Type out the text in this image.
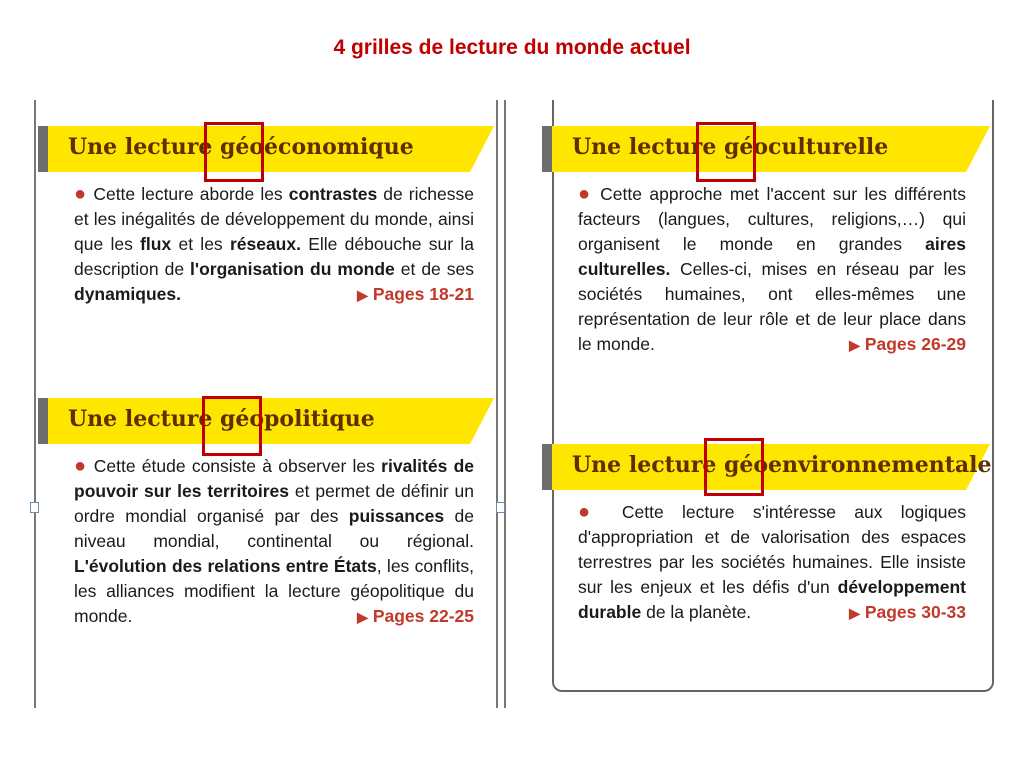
4 grilles de lecture du monde actuel
Une lecture géoéconomique
● Cette lecture aborde les contrastes de richesse et les inégalités de développement du monde, ainsi que les flux et les réseaux. Elle débouche sur la description de l'organisation du monde et de ses dynamiques.	▶ Pages 18-21
Une lecture géopolitique
● Cette étude consiste à observer les rivalités de pouvoir sur les territoires et permet de définir un ordre mondial organisé par des puissances de niveau mondial, continental ou régional. L'évolution des relations entre États, les conflits, les alliances modifient la lecture géopolitique du monde.	▶ Pages 22-25
Une lecture géoculturelle
● Cette approche met l'accent sur les différents facteurs (langues, cultures, religions,…) qui organisent le monde en grandes aires culturelles. Celles-ci, mises en réseau par les sociétés humaines, ont elles-mêmes une représentation de leur rôle et de leur place dans le monde.	▶ Pages 26-29
Une lecture géoenvironnementale
● Cette lecture s'intéresse aux logiques d'appropriation et de valorisation des espaces terrestres par les sociétés humaines. Elle insiste sur les enjeux et les défis d'un développement durable de la planète.	▶ Pages 30-33
